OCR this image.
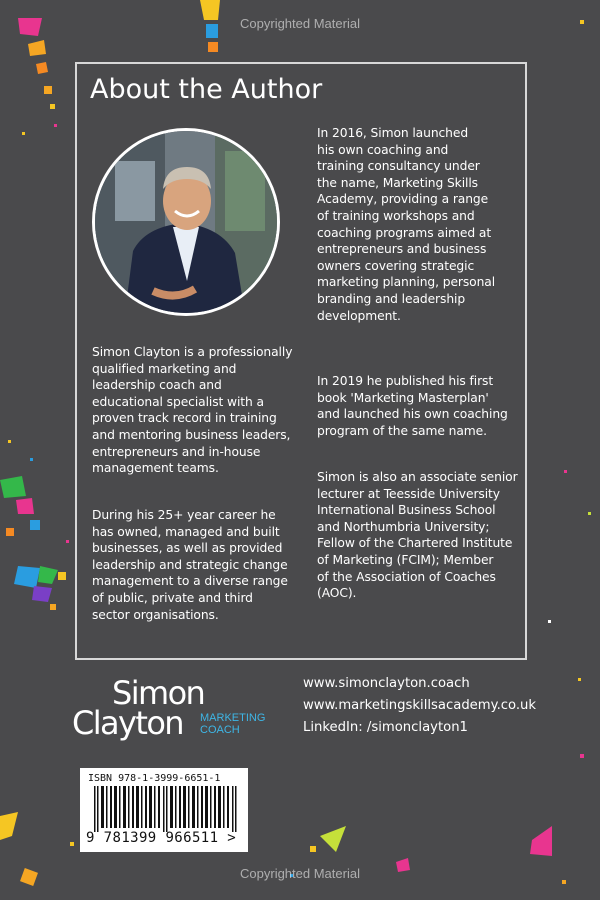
Copyrighted Material
Copyrighted Material
About the Author

Simon Clayton is a professionally
qualified marketing and
leadership coach and
educational specialist with a
proven track record in training
and mentoring business leaders,
entrepreneurs and in-house
management teams.

During his 25+ year career he
has owned, managed and built
businesses, as well as provided
leadership and strategic change
management to a diverse range
of public, private and third
sector organisations.

In 2016, Simon launched
his own coaching and
training consultancy under
the name, Marketing Skills
Academy, providing a range
of training workshops and
coaching programs aimed at
entrepreneurs and business
owners covering strategic
marketing planning, personal
branding and leadership
development.

In 2019 he published his first
book 'Marketing Masterplan'
and launched his own coaching
program of the same name.

Simon is also an associate senior
lecturer at Teesside University
International Business School
and Northumbria University;
Fellow of the Chartered Institute
of Marketing (FCIM); Member
of the Association of Coaches
(AOC).

Simon
Clayton MARKETING
COACH
www.simonclayton.coach
www.marketingskillsacademy.co.uk
LinkedIn: /simonclayton1
ISBN 978-1-3999-6651-1
9 781399 966511 >
